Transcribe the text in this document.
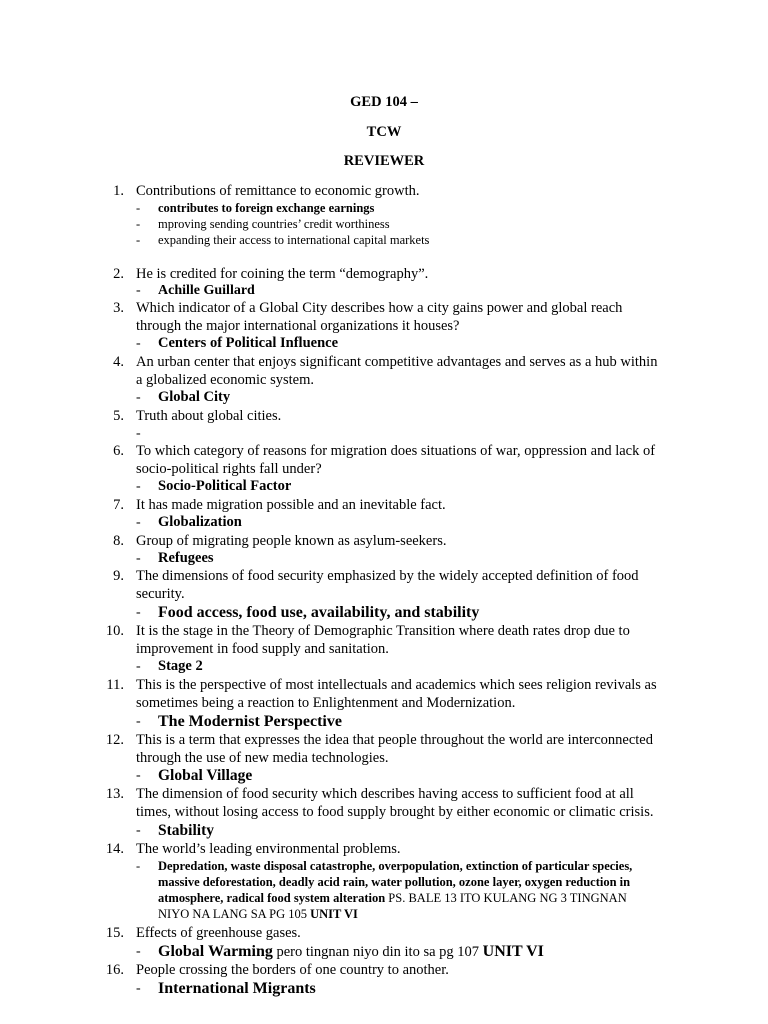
GED 104 –
TCW
REVIEWER
1. Contributions of remittance to economic growth.
- contributes to foreign exchange earnings
- mproving sending countries’ credit worthiness
- expanding their access to international capital markets
2. He is credited for coining the term “demography”.
- Achille Guillard
3. Which indicator of a Global City describes how a city gains power and global reach
through the major international organizations it houses?
- Centers of Political Influence
4. An urban center that enjoys significant competitive advantages and serves as a hub within
a globalized economic system.
- Global City
5. Truth about global cities.
-
6. To which category of reasons for migration does situations of war, oppression and lack of
socio-political rights fall under?
- Socio-Political Factor
7. It has made migration possible and an inevitable fact.
- Globalization
8. Group of migrating people known as asylum-seekers.
- Refugees
9. The dimensions of food security emphasized by the widely accepted definition of food
security.
- Food access, food use, availability, and stability
10. It is the stage in the Theory of Demographic Transition where death rates drop due to
improvement in food supply and sanitation.
- Stage 2
11. This is the perspective of most intellectuals and academics which sees religion revivals as
sometimes being a reaction to Enlightenment and Modernization.
- The Modernist Perspective
12. This is a term that expresses the idea that people throughout the world are interconnected
through the use of new media technologies.
- Global Village
13. The dimension of food security which describes having access to sufficient food at all
times, without losing access to food supply brought by either economic or climatic crisis.
- Stability
14. The world’s leading environmental problems.
- Depredation, waste disposal catastrophe, overpopulation, extinction of particular species,
massive deforestation, deadly acid rain, water pollution, ozone layer, oxygen reduction in
atmosphere, radical food system alteration PS. BALE 13 ITO KULANG NG 3 TINGNAN
NIYO NA LANG SA PG 105 UNIT VI
15. Effects of greenhouse gases.
- Global Warming pero tingnan niyo din ito sa pg 107 UNIT VI
16. People crossing the borders of one country to another.
- International Migrants
